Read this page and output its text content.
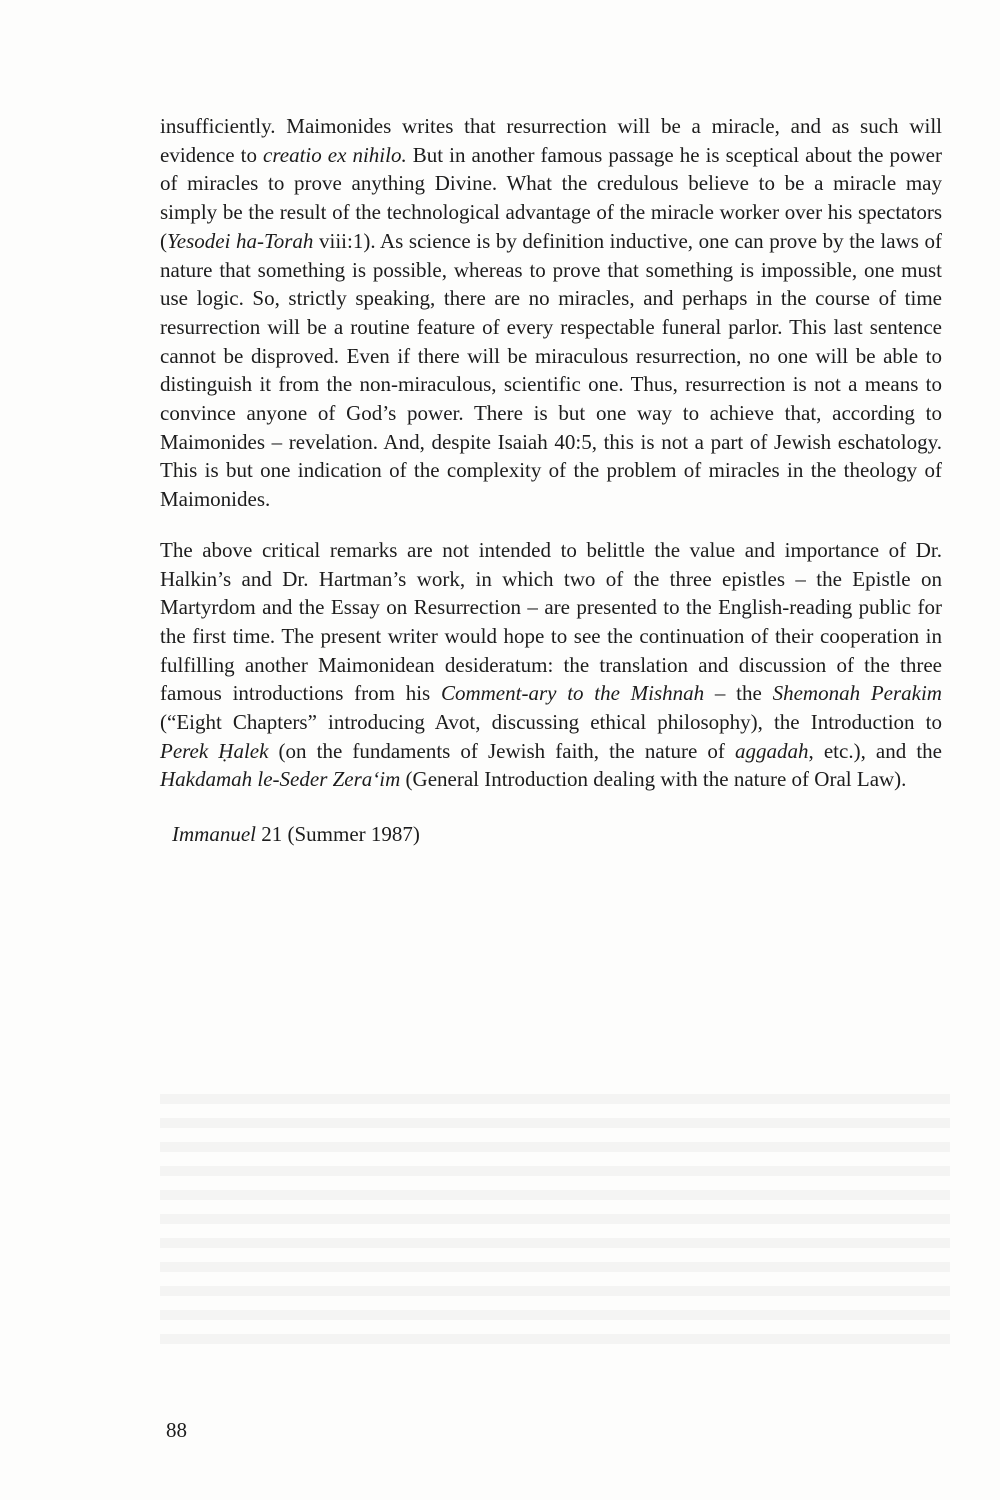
insufficiently. Maimonides writes that resurrection will be a miracle, and as such will evidence to creatio ex nihilo. But in another famous passage he is sceptical about the power of miracles to prove anything Divine. What the credulous believe to be a miracle may simply be the result of the technological advantage of the miracle worker over his spectators (Yesodei ha-Torah viii:1). As science is by definition inductive, one can prove by the laws of nature that something is possible, whereas to prove that something is impossible, one must use logic. So, strictly speaking, there are no miracles, and perhaps in the course of time resurrection will be a routine feature of every respectable funeral parlor. This last sentence cannot be disproved. Even if there will be miraculous resurrection, no one will be able to distinguish it from the non-miraculous, scientific one. Thus, resurrection is not a means to convince anyone of God’s power. There is but one way to achieve that, according to Maimonides – revelation. And, despite Isaiah 40:5, this is not a part of Jewish eschatology. This is but one indication of the complexity of the problem of miracles in the theology of Maimonides.

The above critical remarks are not intended to belittle the value and importance of Dr. Halkin’s and Dr. Hartman’s work, in which two of the three epistles – the Epistle on Martyrdom and the Essay on Resurrection – are presented to the English-reading public for the first time. The present writer would hope to see the continuation of their cooperation in fulfilling another Maimonidean desideratum: the translation and discussion of the three famous introductions from his Comment-ary to the Mishnah – the Shemonah Perakim (“Eight Chapters” introducing Avot, discussing ethical philosophy), the Introduction to Perek Ḥalek (on the fundaments of Jewish faith, the nature of aggadah, etc.), and the Hakdamah le-Seder Zera‘im (General Introduction dealing with the nature of Oral Law).

Immanuel 21 (Summer 1987)
88
